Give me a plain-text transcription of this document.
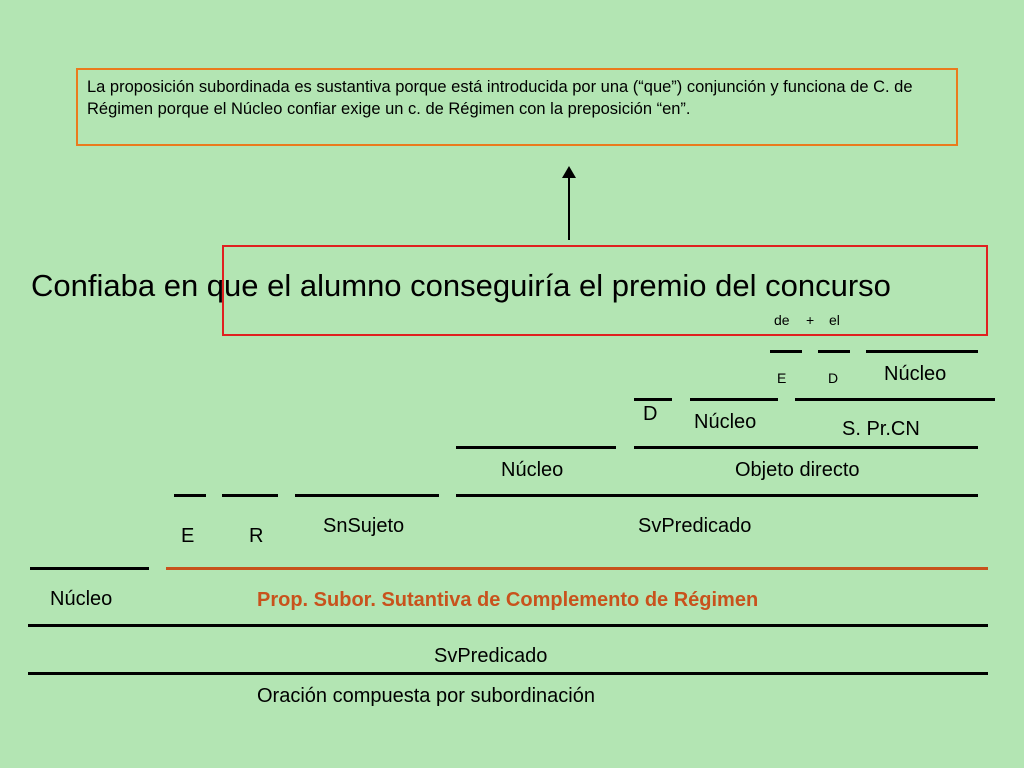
La proposición subordinada es sustantiva porque está introducida por una (“que”) conjunción y funciona de C. de Régimen porque el Núcleo confiar exige un c. de Régimen con la preposición “en”.
Confiaba en que el alumno conseguiría el premio del concurso
de + el
E	D Núcleo
D Núcleo	S. Pr.CN
Núcleo	Objeto directo
E	R	SnSujeto	SvPredicado
Núcleo	Prop. Subor. Sutantiva de Complemento de Régimen
SvPredicado
Oración compuesta por subordinación
